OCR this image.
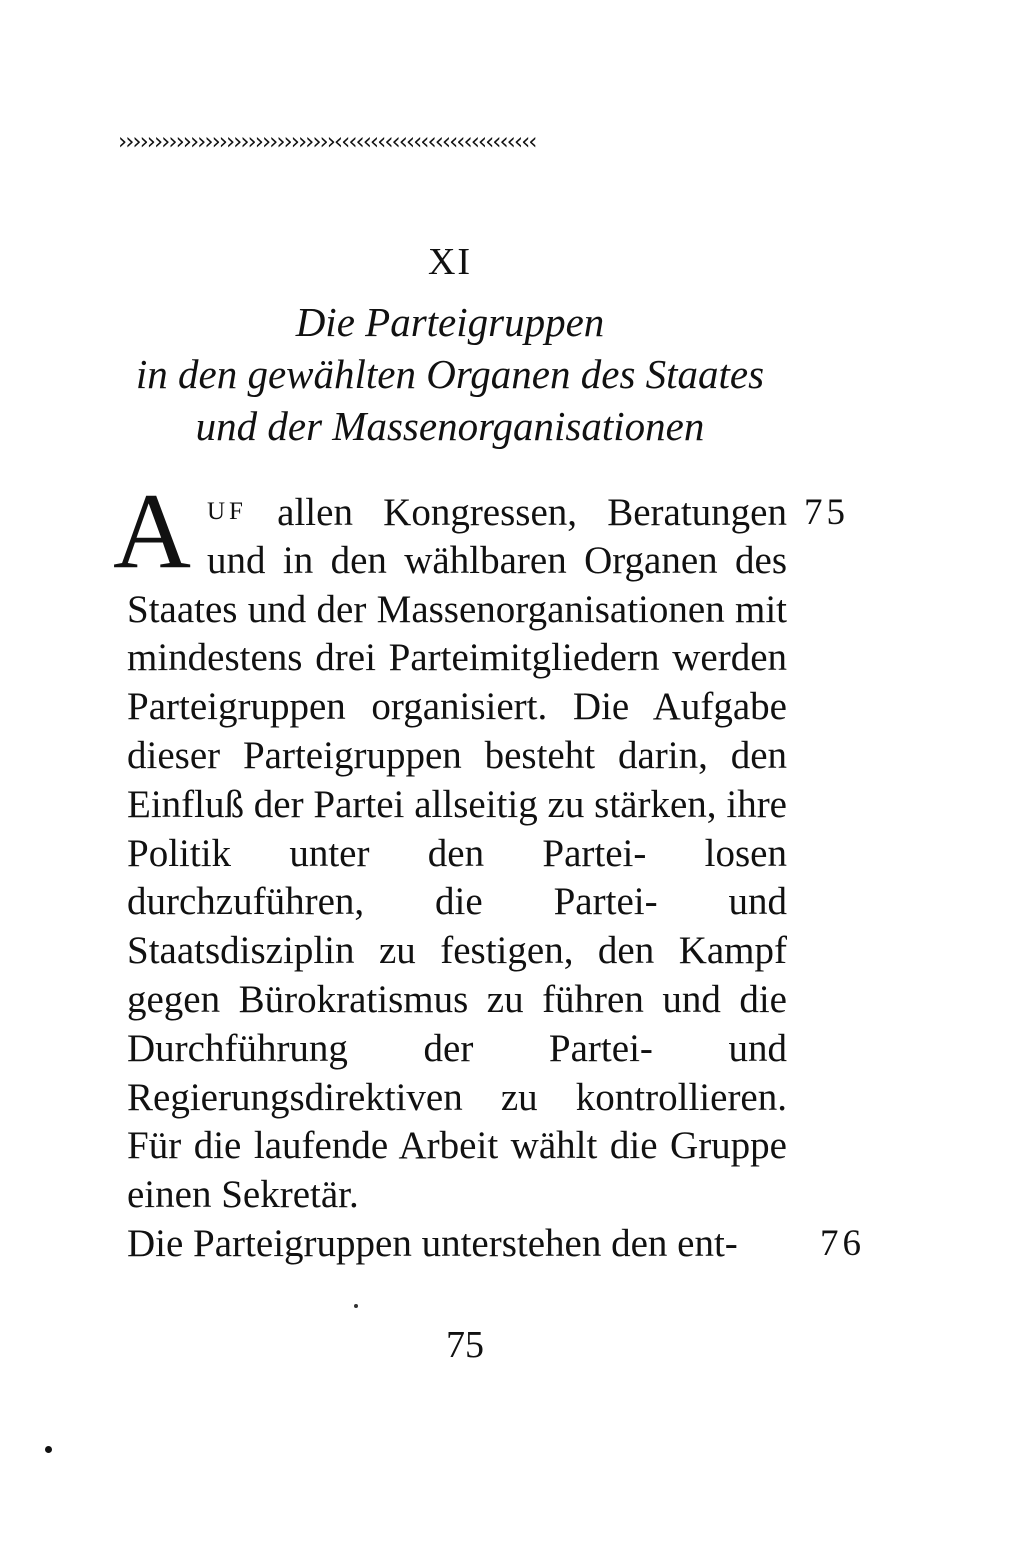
››››››››››››››››››››››››››››››‹‹‹‹‹‹‹‹‹‹‹‹‹‹‹‹‹‹‹‹‹‹‹‹‹‹‹‹
XI
Die Parteigruppen
in den gewählten Organen des Staates
und der Massenorganisationen
75
76
A UF allen Kongressen, Beratungen
und in den wählbaren Organen des

Staates und der Massenorganisationen mit mindestens drei Parteimitgliedern werden Parteigruppen organisiert. Die Aufgabe dieser Parteigruppen besteht darin, den Einfluß der Partei allseitig zu stärken, ihre Politik unter den Partei- losen durchzuführen, die Partei- und Staatsdisziplin zu festigen, den Kampf gegen Bürokratismus zu führen und die Durchführung der Partei- und Regierungsdirektiven zu kontrollieren. Für die laufende Arbeit wählt die Gruppe einen Sekretär.

Die Parteigruppen unterstehen den ent-

75
